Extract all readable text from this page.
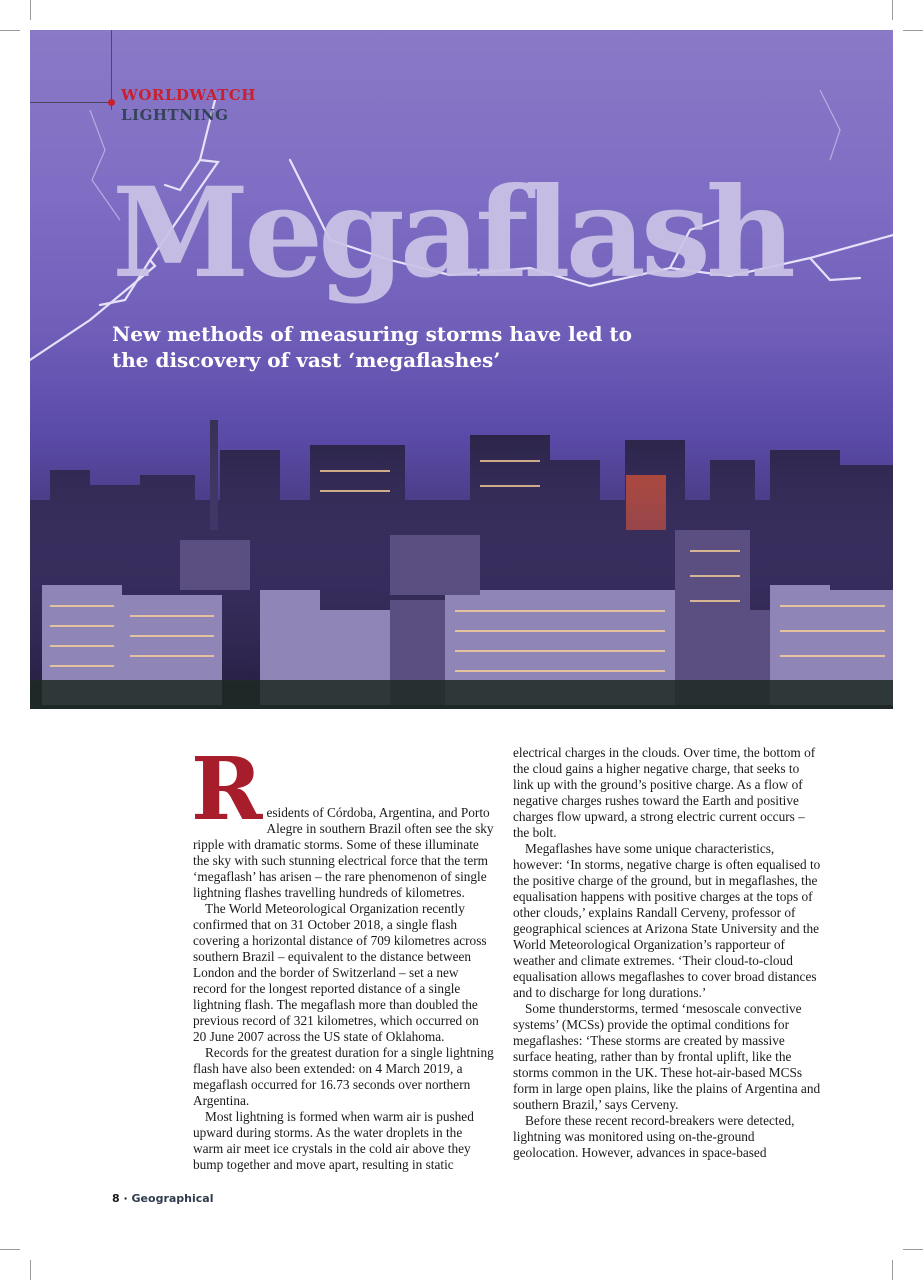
WORLDWATCH
LIGHTNING
Megaflash
New methods of measuring storms have led to the discovery of vast ‘megaflashes’
R esidents of Córdoba, Argentina, and Porto Alegre in southern Brazil often see the sky ripple with dramatic storms. Some of these illuminate the sky with such stunning electrical force that the term ‘megaflash’ has arisen – the rare phenomenon of single lightning flashes travelling hundreds of kilometres.

The World Meteorological Organization recently confirmed that on 31 October 2018, a single flash covering a horizontal distance of 709 kilometres across southern Brazil – equivalent to the distance between London and the border of Switzerland – set a new record for the longest reported distance of a single lightning flash. The megaflash more than doubled the previous record of 321 kilometres, which occurred on 20 June 2007 across the US state of Oklahoma.

Records for the greatest duration for a single lightning flash have also been extended: on 4 March 2019, a megaflash occurred for 16.73 seconds over northern Argentina.

Most lightning is formed when warm air is pushed upward during storms. As the water droplets in the warm air meet ice crystals in the cold air above they bump together and move apart, resulting in static

electrical charges in the clouds. Over time, the bottom of the cloud gains a higher negative charge, that seeks to link up with the ground’s positive charge. As a flow of negative charges rushes toward the Earth and positive charges flow upward, a strong electric current occurs – the bolt.

Megaflashes have some unique characteristics, however: ‘In storms, negative charge is often equalised to the positive charge of the ground, but in megaflashes, the equalisation happens with positive charges at the tops of other clouds,’ explains Randall Cerveny, professor of geographical sciences at Arizona State University and the World Meteorological Organization’s rapporteur of weather and climate extremes. ‘Their cloud-to-cloud equalisation allows megaflashes to cover broad distances and to discharge for long durations.’

Some thunderstorms, termed ‘mesoscale convective systems’ (MCSs) provide the optimal conditions for megaflashes: ‘These storms are created by massive surface heating, rather than by frontal uplift, like the storms common in the UK. These hot-air-based MCSs form in large open plains, like the plains of Argentina and southern Brazil,’ says Cerveny.

Before these recent record-breakers were detected, lightning was monitored using on-the-ground geolocation. However, advances in space-based

8 · Geographical
